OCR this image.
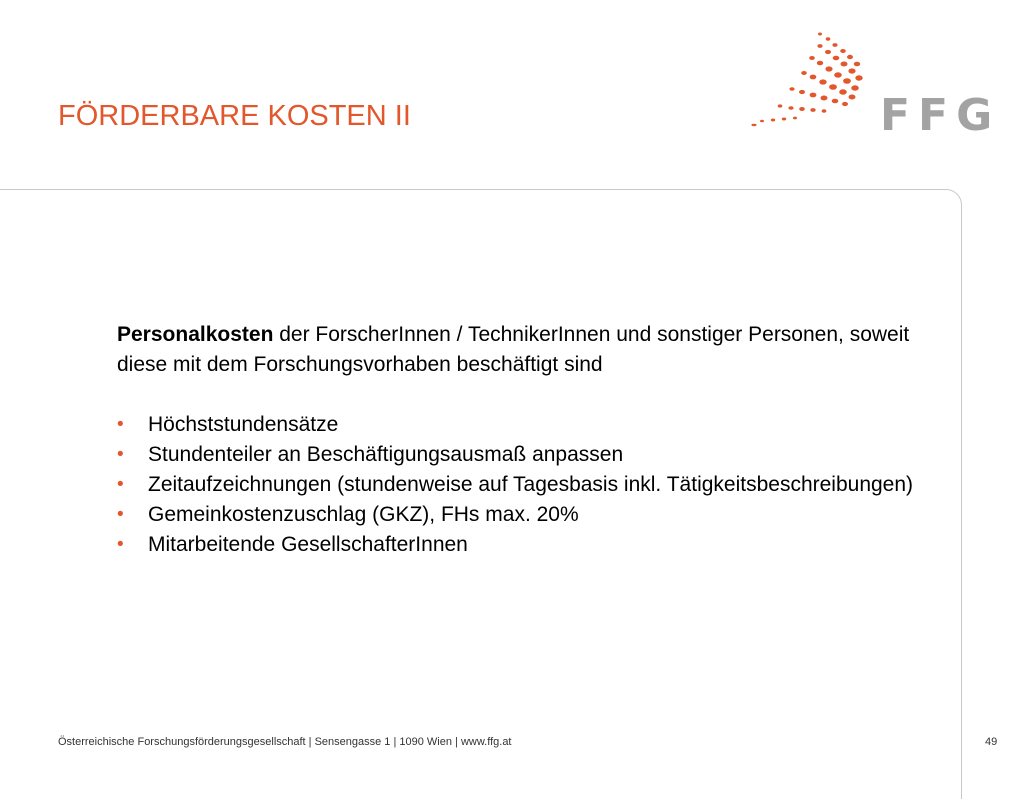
FÖRDERBARE KOSTEN II	FFG

Personalkosten der ForscherInnen / TechnikerInnen und sonstiger Personen, soweit diese mit dem Forschungsvorhaben beschäftigt sind

• Höchststundensätze
• Stundenteiler an Beschäftigungsausmaß anpassen
• Zeitaufzeichnungen (stundenweise auf Tagesbasis inkl. Tätigkeitsbeschreibungen)
• Gemeinkostenzuschlag (GKZ), FHs max. 20%
• Mitarbeitende GesellschafterInnen
Österreichische Forschungsförderungsgesellschaft | Sensengasse 1 | 1090 Wien | www.ffg.at	49
